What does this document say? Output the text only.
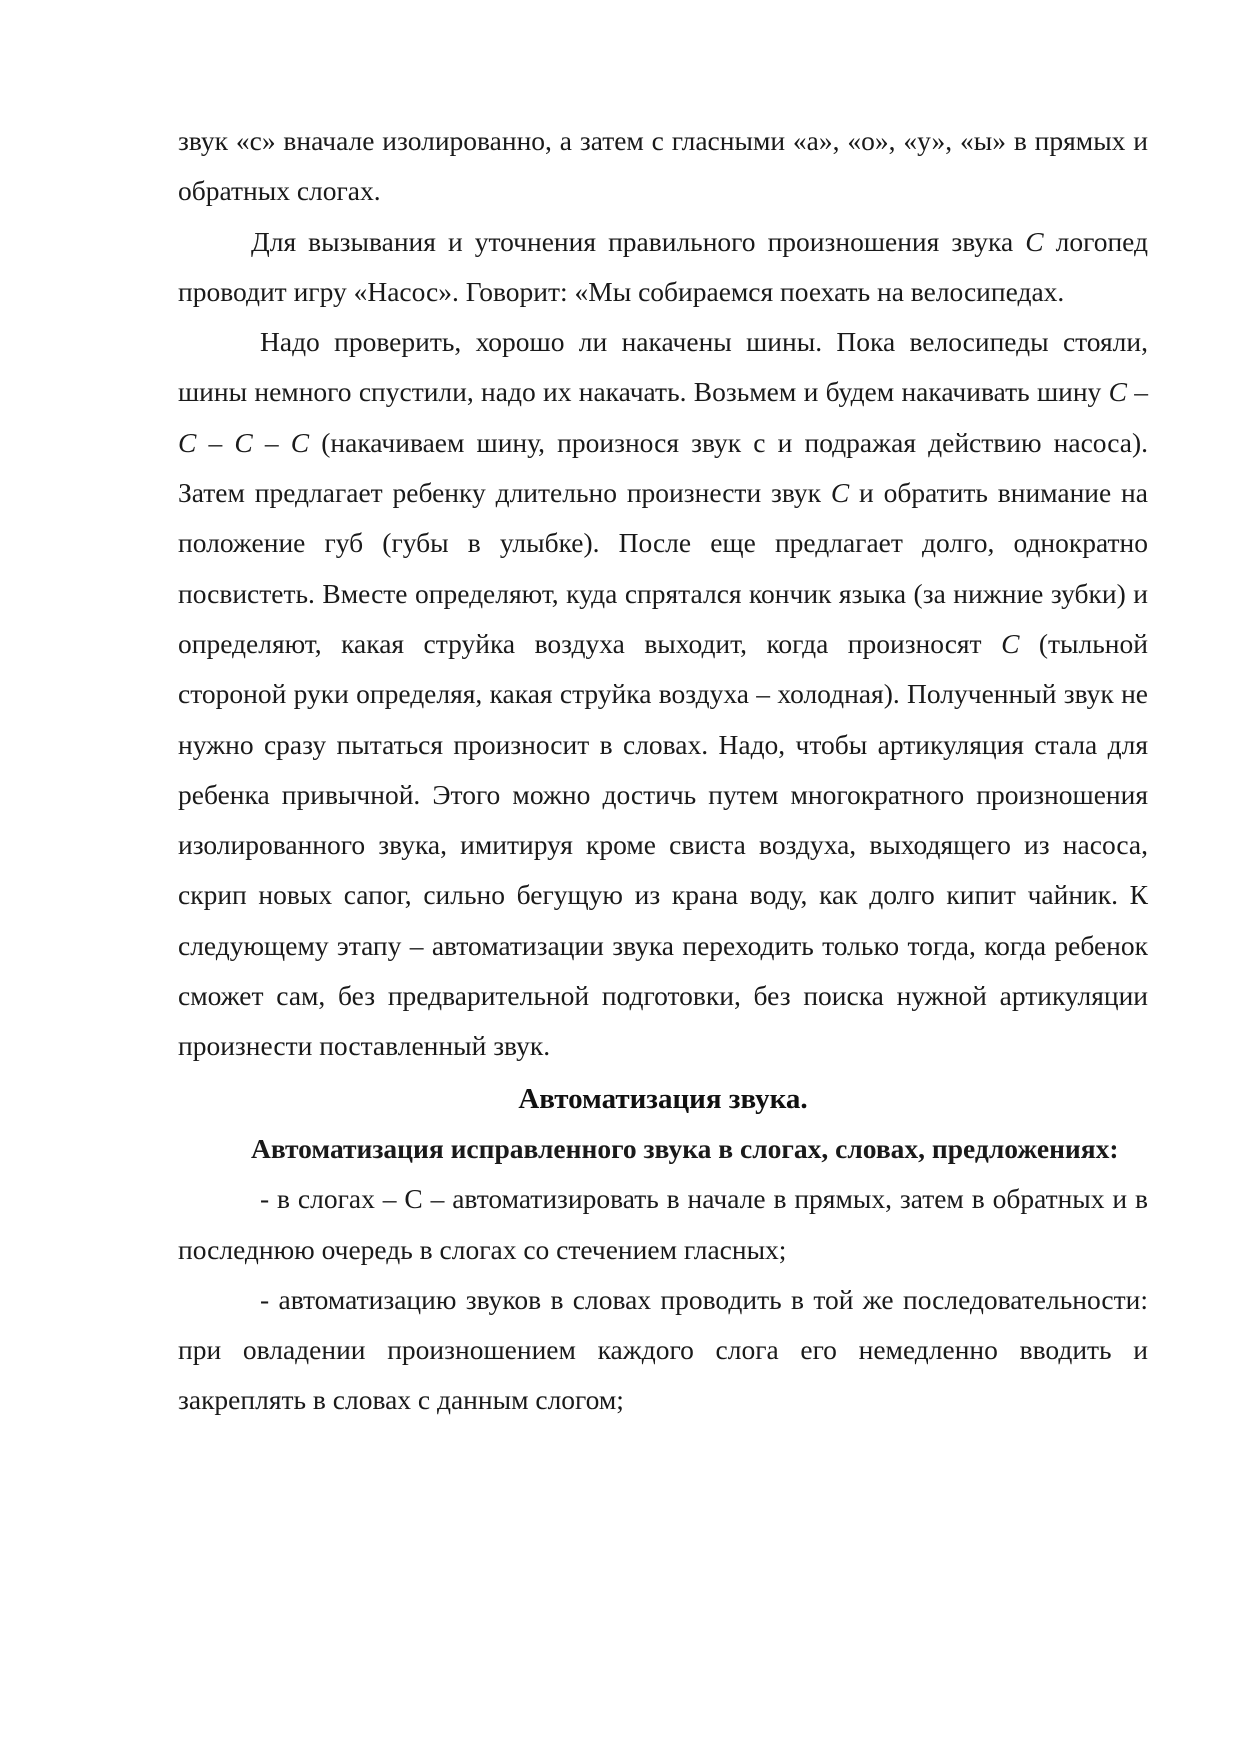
звук «с» вначале изолированно, а затем с гласными «а», «о», «у», «ы» в прямых и обратных слогах.

Для вызывания и уточнения правильного произношения звука С логопед проводит игру «Насос». Говорит: «Мы собираемся поехать на велосипедах.

Надо проверить, хорошо ли накачены шины. Пока велосипеды стояли, шины немного спустили, надо их накачать. Возьмем и будем накачивать шину С – С – С – С (накачиваем шину, произнося звук с и подражая действию насоса). Затем предлагает ребенку длительно произнести звук С и обратить внимание на положение губ (губы в улыбке). После еще предлагает долго, однократно посвистеть. Вместе определяют, куда спрятался кончик языка (за нижние зубки) и определяют, какая струйка воздуха выходит, когда произносят С (тыльной стороной руки определяя, какая струйка воздуха – холодная). Полученный звук не нужно сразу пытаться произносит в словах. Надо, чтобы артикуляция стала для ребенка привычной. Этого можно достичь путем многократного произношения изолированного звука, имитируя кроме свиста воздуха, выходящего из насоса, скрип новых сапог, сильно бегущую из крана воду, как долго кипит чайник. К следующему этапу – автоматизации звука переходить только тогда, когда ребенок сможет сам, без предварительной подготовки, без поиска нужной артикуляции произнести поставленный звук.

Автоматизация звука.

Автоматизация исправленного звука в слогах, словах, предложениях:

- в слогах – С – автоматизировать в начале в прямых, затем в обратных и в последнюю очередь в слогах со стечением гласных;

- автоматизацию звуков в словах проводить в той же последовательности: при овладении произношением каждого слога его немедленно вводить и закреплять в словах с данным слогом;
